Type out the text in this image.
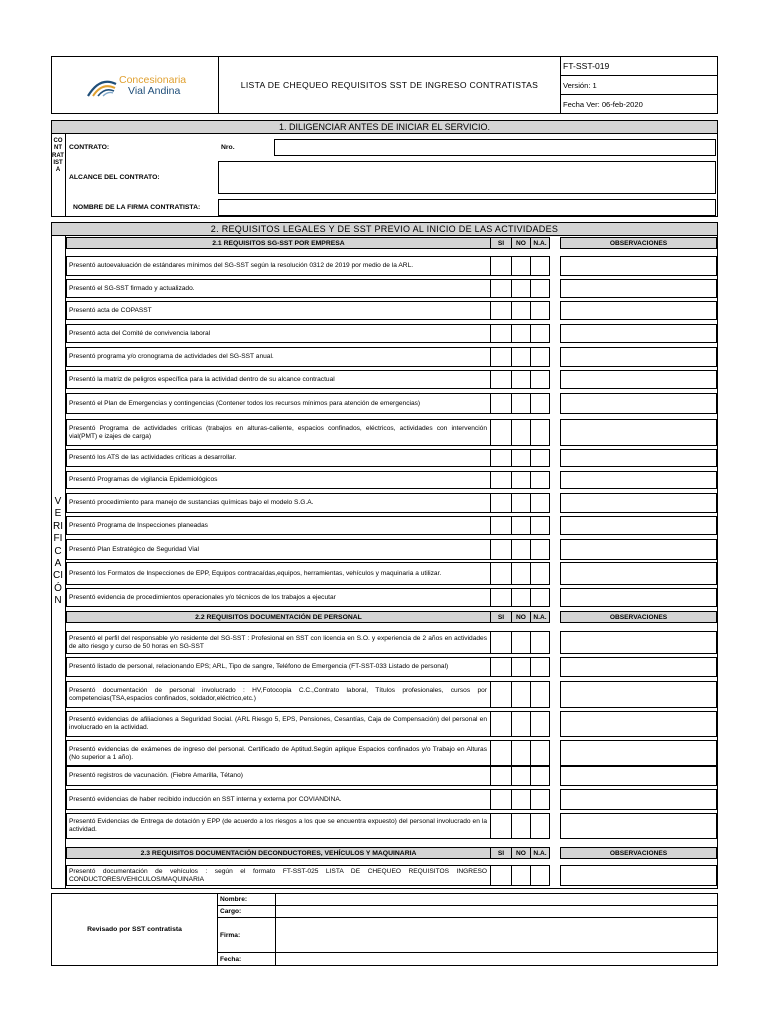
Concesionaria
Vial Andina	LISTA DE CHEQUEO REQUISITOS SST DE INGRESO CONTRATISTAS
FT-SST-019
Versión: 1
Fecha Ver: 06-feb-2020
1. DILIGENCIAR ANTES DE INICIAR EL SERVICIO.
CONTRATISTA
CONTRATO:	Nro.
ALCANCE DEL CONTRATO:
NOMBRE DE LA FIRMA CONTRATISTA:
2. REQUISITOS LEGALES Y DE SST PREVIO AL INICIO DE LAS ACTIVIDADES
VERIFICACIÓN
2.1 REQUISITOS SG-SST POR EMPRESA	SI	NO	N.A.	OBSERVACIONES
Presentó autoevaluación de estándares mínimos del SG-SST según la resolución 0312 de 2019 por medio de la ARL.
Presentó el SG-SST firmado y actualizado.
Presentó acta de COPASST
Presentó acta del Comité de convivencia laboral
Presentó programa y/o cronograma de actividades del SG-SST anual.
Presentó la matriz de peligros específica para la actividad dentro de su alcance contractual
Presentó el Plan de Emergencias y contingencias (Contener todos los recursos mínimos para atención de emergencias)
Presentó Programa de actividades críticas (trabajos en alturas-caliente, espacios confinados, eléctricos, actividades con intervención vial(PMT) e izajes de carga)
Presentó los ATS de las actividades críticas a desarrollar.
Presentó Programas de vigilancia Epidemiológicos
Presentó procedimiento para manejo de sustancias químicas bajo el modelo S.G.A.
Presentó Programa de Inspecciones planeadas
Presentó Plan Estratégico de Seguridad Vial
Presentó los Formatos de Inspecciones de EPP, Equipos contracaídas,equipos, herramientas, vehículos y maquinaria a utilizar.
Presentó evidencia de procedimientos operacionales y/o técnicos de los trabajos a ejecutar
2.2 REQUISITOS DOCUMENTACIÓN DE PERSONAL	SI	NO	N.A.	OBSERVACIONES
Presentó el perfil del responsable y/o residente del SG-SST : Profesional en SST con licencia en S.O. y experiencia de 2 años en actividades de alto riesgo y curso de 50 horas en SG-SST
Presentó listado de personal, relacionando EPS; ARL, Tipo de sangre, Teléfono de Emergencia (FT-SST-033 Listado de personal)
Presentó documentación de personal involucrado : HV,Fotocopia C.C.,Contrato laboral, Títulos profesionales, cursos por competencias(TSA,espacios confinados, soldador,eléctrico,etc.)
Presentó evidencias de afiliaciones a Seguridad Social. (ARL Riesgo 5, EPS, Pensiones, Cesantías, Caja de Compensación) del personal en involucrado en la actividad.
Presentó evidencias de exámenes de ingreso del personal. Certificado de Aptitud.Según aplique Espacios confinados y/o Trabajo en Alturas (No superior a 1 año).
Presentó registros de vacunación. (Fiebre Amarilla, Tétano)
Presentó evidencias de haber recibido inducción en SST interna y externa por COVIANDINA.
Presentó Evidencias de Entrega de dotación y EPP (de acuerdo a los riesgos a los que se encuentra expuesto) del personal involucrado en la actividad.
2.3 REQUISITOS DOCUMENTACIÓN DECONDUCTORES, VEHÍCULOS Y MAQUINARIA	SI	NO	N.A.	OBSERVACIONES
Presentó documentación de vehículos : según el formato FT-SST-025 LISTA DE CHEQUEO REQUISITOS INGRESO CONDUCTORES/VEHICULOS/MAQUINARIA
Revisado por SST contratista
Nombre:
Cargo:
Firma:
Fecha:
